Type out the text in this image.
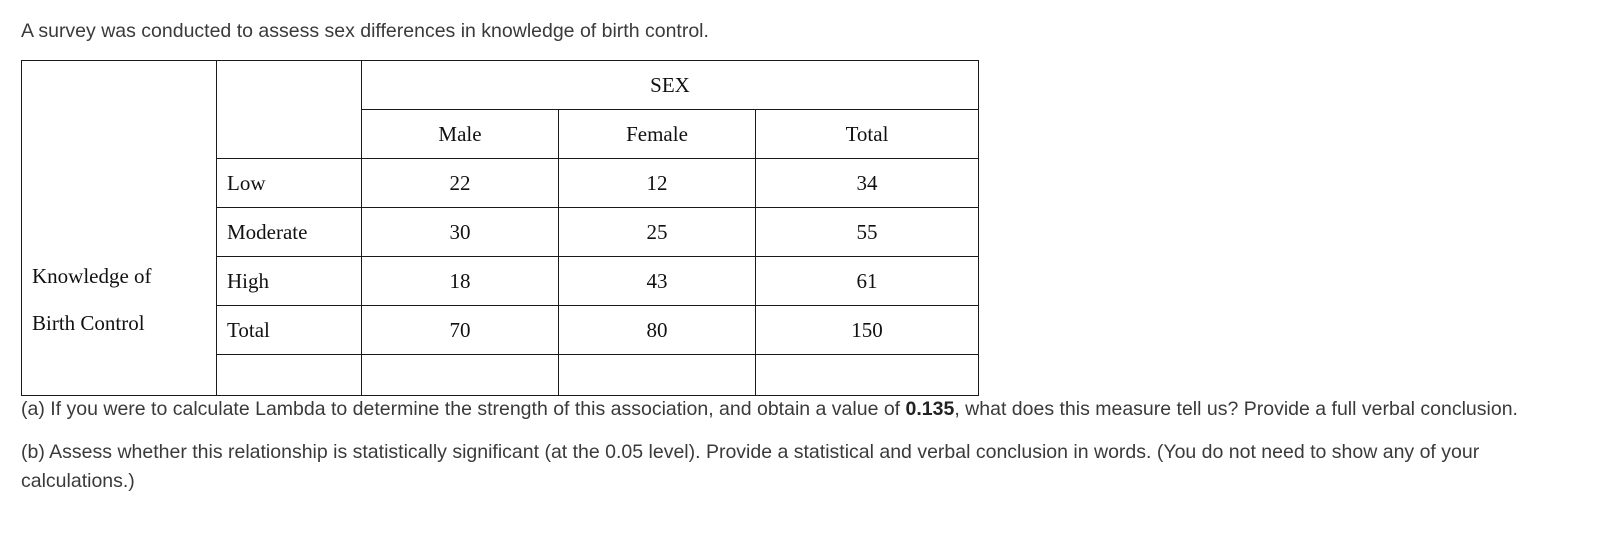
A survey was conducted to assess sex differences in knowledge of birth control.
Knowledge of
Birth Control		SEX		
		Male	Female	Total
	Low	22	12	34
	Moderate	30	25	55
	High	18	43	61
	Total	70	80	150

(a) If you were to calculate Lambda to determine the strength of this association, and obtain a value of 0.135, what does this measure tell us? Provide a full verbal conclusion.
(b) Assess whether this relationship is statistically significant (at the 0.05 level). Provide a statistical and verbal conclusion in words. (You do not need to show any of your calculations.)
